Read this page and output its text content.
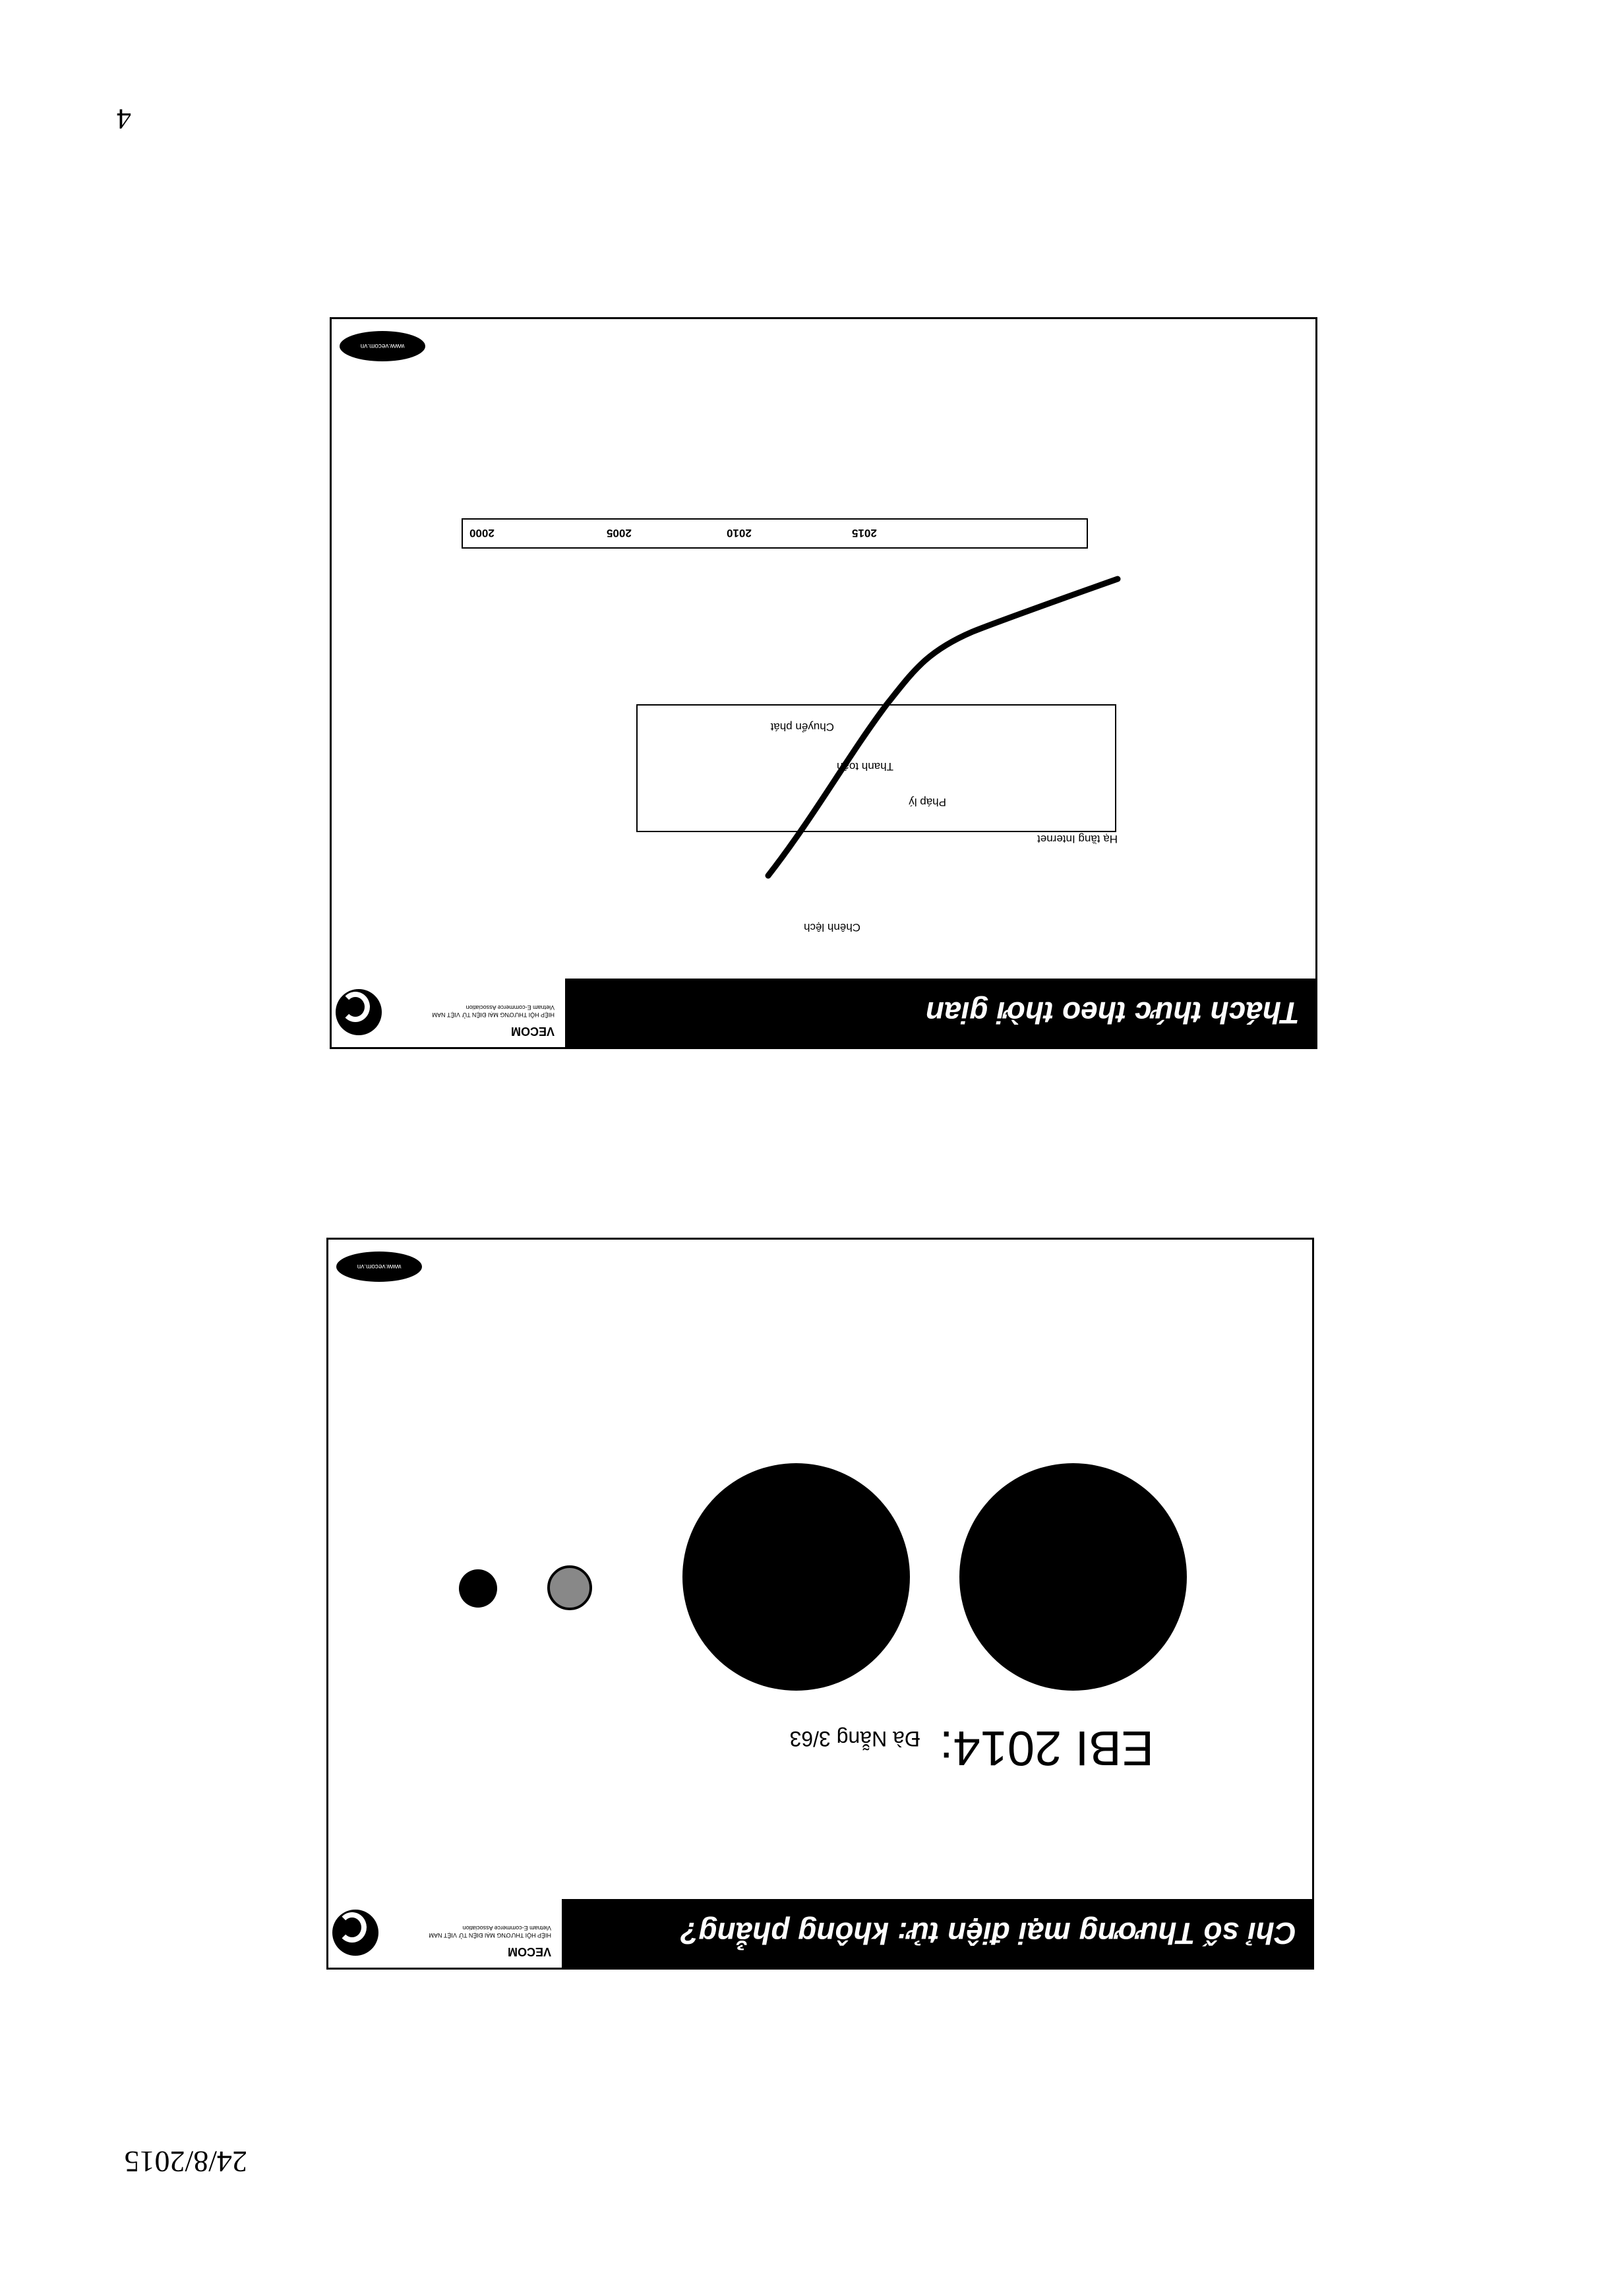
4
Thách thức theo thời gian
VECOM
HIỆP HỘI THƯƠNG MẠI ĐIỆN TỬ VIỆT NAM
Vietnam E-commerce Association
Chênh lệch
Hạ tầng Internet
Pháp lý
Thanh toán
Chuyển phát
2000	2005	2010	2015
www.vecom.vn
Chỉ số Thương mại điện tử: không phẳng?
VECOM
HIỆP HỘI THƯƠNG MẠI ĐIỆN TỬ VIỆT NAM
Vietnam E-commerce Association
EBI 2014:Đà Nẵng 3/63
www.vecom.vn
24/8/2015
